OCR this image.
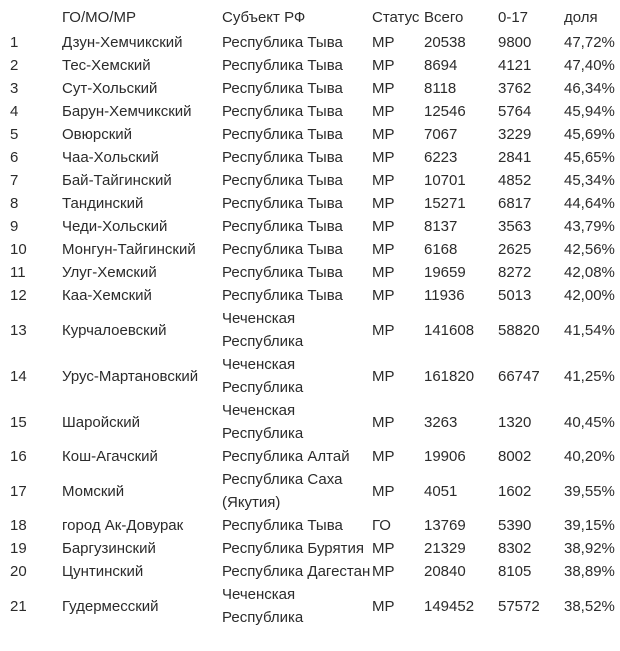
	ГО/МО/МР	Субъект РФ	Статус	Всего	0-17	доля
1	Дзун-Хемчикский	Республика Тыва	МР	20538	9800	47,72%
2	Тес-Хемский	Республика Тыва	МР	8694	4121	47,40%
3	Сут-Хольский	Республика Тыва	МР	8118	3762	46,34%
4	Барун-Хемчикский	Республика Тыва	МР	12546	5764	45,94%
5	Овюрский	Республика Тыва	МР	7067	3229	45,69%
6	Чаа-Хольский	Республика Тыва	МР	6223	2841	45,65%
7	Бай-Тайгинский	Республика Тыва	МР	10701	4852	45,34%
8	Тандинский	Республика Тыва	МР	15271	6817	44,64%
9	Чеди-Хольский	Республика Тыва	МР	8137	3563	43,79%
10	Монгун-Тайгинский	Республика Тыва	МР	6168	2625	42,56%
11	Улуг-Хемский	Республика Тыва	МР	19659	8272	42,08%
12	Каа-Хемский	Республика Тыва	МР	11936	5013	42,00%
13	Курчалоевский	Чеченская Республика	МР	141608	58820	41,54%
14	Урус-Мартановский	Чеченская Республика	МР	161820	66747	41,25%
15	Шаройский	Чеченская Республика	МР	3263	1320	40,45%
16	Кош-Агачский	Республика Алтай	МР	19906	8002	40,20%
17	Момский	Республика Саха (Якутия)	МР	4051	1602	39,55%
18	город Ак-Довурак	Республика Тыва	ГО	13769	5390	39,15%
19	Баргузинский	Республика Бурятия	МР	21329	8302	38,92%
20	Цунтинский	Республика Дагестан	МР	20840	8105	38,89%
21	Гудермесский	Чеченская Республика	МР	149452	57572	38,52%
